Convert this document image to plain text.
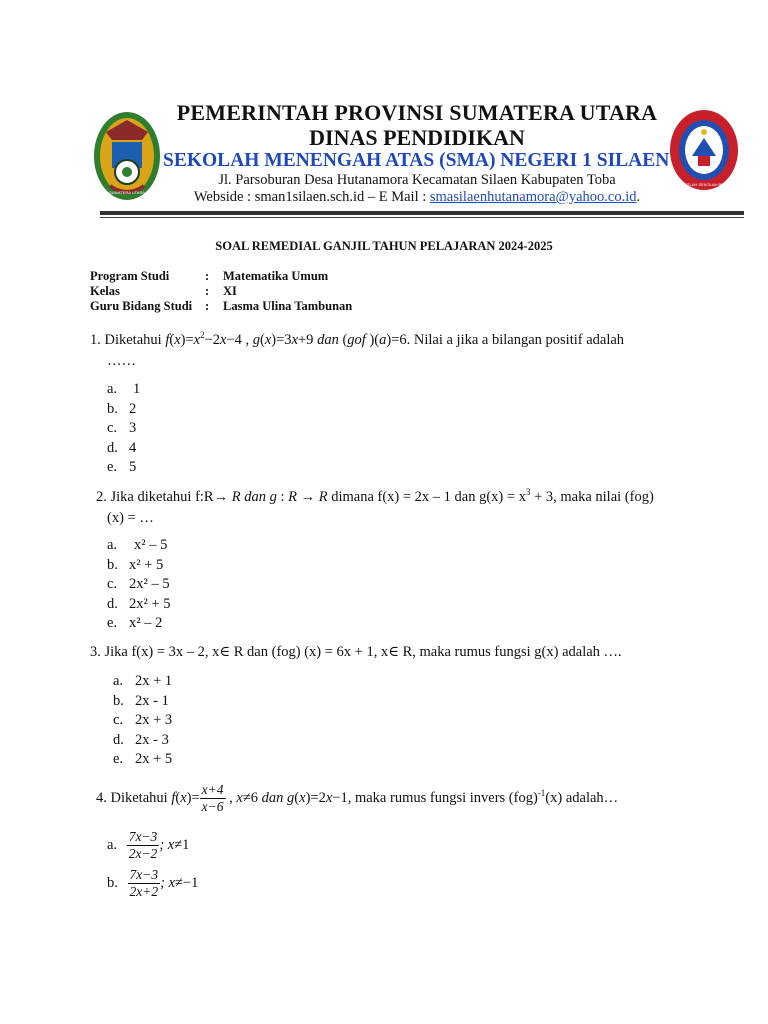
SUMATERA UTARA
BERBUATLAH SEKOLAH BERSATU
PEMERINTAH PROVINSI SUMATERA UTARA
DINAS PENDIDIKAN
SEKOLAH MENENGAH ATAS (SMA) NEGERI 1 SILAEN
Jl. Parsoburan Desa Hutanamora Kecamatan Silaen Kabupaten Toba
Webside : sman1silaen.sch.id – E Mail : smasilaenhutanamora@yahoo.co.id.
SOAL REMEDIAL GANJIL TAHUN PELAJARAN 2024-2025
Program Studi	:	Matematika Umum
Kelas	:	XI
Guru Bidang Studi	:	Lasma Ulina Tambunan
1. Diketahui $f(x)=x^2-2x-4$ , g(x)=3x+9 dan (gof )(a)=6. Nilai a jika a bilangan positif adalah
……
a. 1
b. 2
c. 3
d. 4
e. 5
2. Jika diketahui f:R→ R dan g : R → R dimana f(x) = 2x – 1 dan $g(x) = x^3 + 3$, maka nilai (fog)
(x) = …
a. x² – 5
b. x² + 5
c. 2x² – 5
d. 2x² + 5
e. x² – 2
3. Jika f(x) = 3x – 2, x∈ R dan (fog) (x) = 6x + 1, x∈ R, maka rumus fungsi g(x) adalah ….
a. 2x + 1
b. 2x - 1
c. 2x + 3
d. 2x - 3
e. 2x + 5
4. Diketahui $f(x)= \frac{x+4}{x-6}$ , x≠6 dan g(x)=2x−1, maka rumus fungsi invers (fog)$^{-1}$(x) adalah…
a. $\frac{7x-3}{2x-2}$ ; x≠1
b. $\frac{7x-3}{2x+2}$ ; x≠−1
